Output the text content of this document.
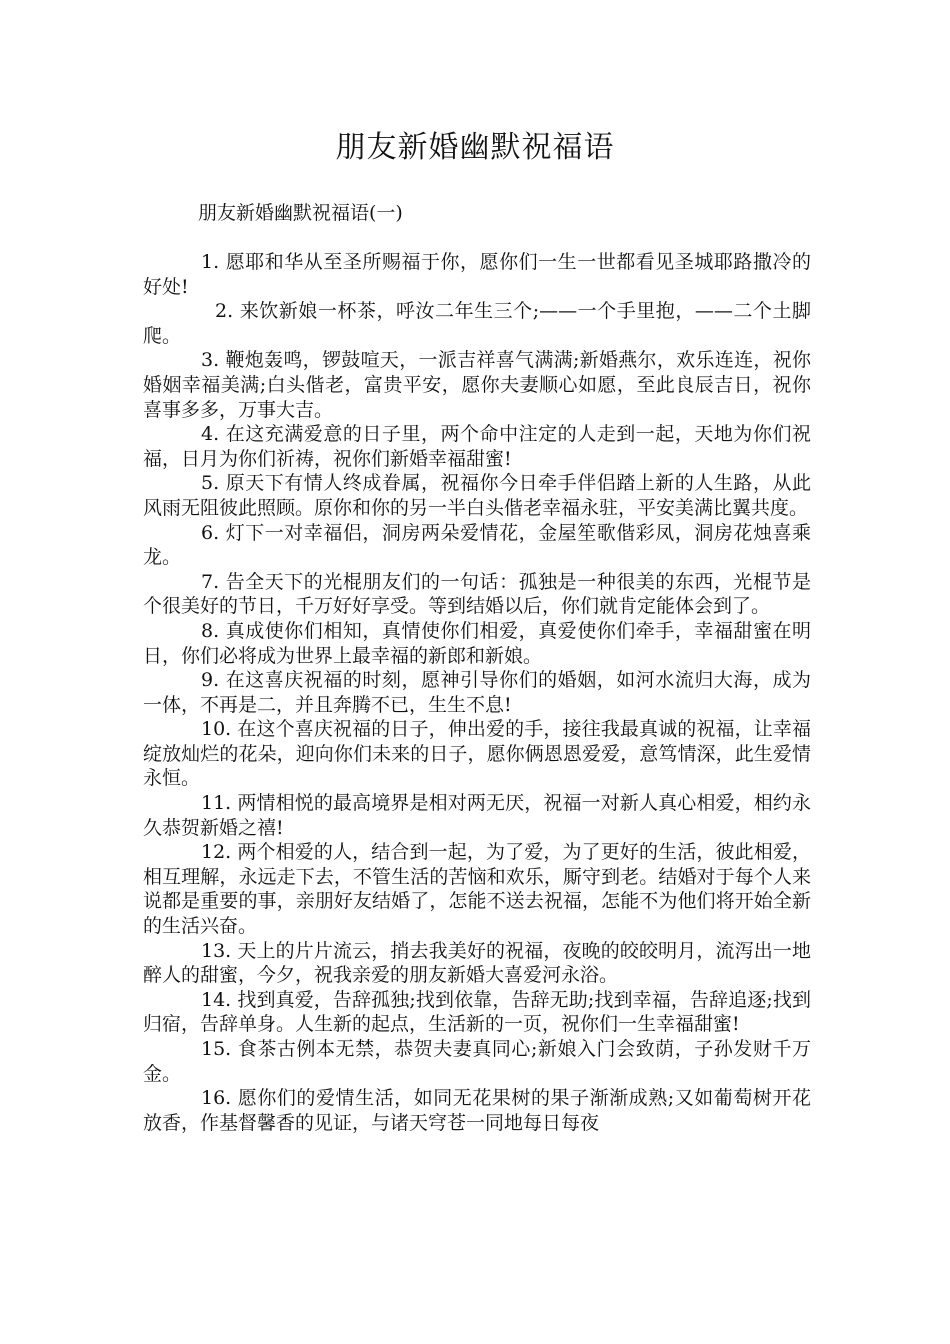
朋友新婚幽默祝福语
朋友新婚幽默祝福语(一)

1. 愿耶和华从至圣所赐福于你，愿你们一生一世都看见圣城耶路撒冷的好处!

2. 来饮新娘一杯茶，呼汝二年生三个;——一个手里抱，——二个土脚爬。

3. 鞭炮轰鸣，锣鼓喧天，一派吉祥喜气满满;新婚燕尔，欢乐连连，祝你婚姻幸福美满;白头偕老，富贵平安，愿你夫妻顺心如愿，至此良辰吉日，祝你喜事多多，万事大吉。

4. 在这充满爱意的日子里，两个命中注定的人走到一起，天地为你们祝福，日月为你们祈祷，祝你们新婚幸福甜蜜!

5. 原天下有情人终成眷属，祝福你今日牵手伴侣踏上新的人生路，从此风雨无阻彼此照顾。原你和你的另一半白头偕老幸福永驻，平安美满比翼共度。

6. 灯下一对幸福侣，洞房两朵爱情花，金屋笙歌偕彩凤，洞房花烛喜乘龙。

7. 告全天下的光棍朋友们的一句话：孤独是一种很美的东西，光棍节是个很美好的节日，千万好好享受。等到结婚以后，你们就肯定能体会到了。

8. 真成使你们相知，真情使你们相爱，真爱使你们牵手，幸福甜蜜在明日，你们必将成为世界上最幸福的新郎和新娘。

9. 在这喜庆祝福的时刻，愿神引导你们的婚姻，如河水流归大海，成为一体，不再是二，并且奔腾不已，生生不息!

10. 在这个喜庆祝福的日子，伸出爱的手，接往我最真诚的祝福，让幸福绽放灿烂的花朵，迎向你们未来的日子，愿你俩恩恩爱爱，意笃情深，此生爱情永恒。

11. 两情相悦的最高境界是相对两无厌，祝福一对新人真心相爱，相约永久恭贺新婚之禧!

12. 两个相爱的人，结合到一起，为了爱，为了更好的生活，彼此相爱，相互理解，永远走下去，不管生活的苦恼和欢乐，厮守到老。结婚对于每个人来说都是重要的事，亲朋好友结婚了，怎能不送去祝福，怎能不为他们将开始全新的生活兴奋。

13. 天上的片片流云，捎去我美好的祝福，夜晚的皎皎明月，流泻出一地醉人的甜蜜，今夕，祝我亲爱的朋友新婚大喜爱河永浴。

14. 找到真爱，告辞孤独;找到依靠，告辞无助;找到幸福，告辞追逐;找到归宿，告辞单身。人生新的起点，生活新的一页，祝你们一生幸福甜蜜!

15. 食茶古例本无禁，恭贺夫妻真同心;新娘入门会致荫，子孙发财千万金。

16. 愿你们的爱情生活，如同无花果树的果子渐渐成熟;又如葡萄树开花放香，作基督馨香的见证，与诸天穹苍一同地每日每夜
